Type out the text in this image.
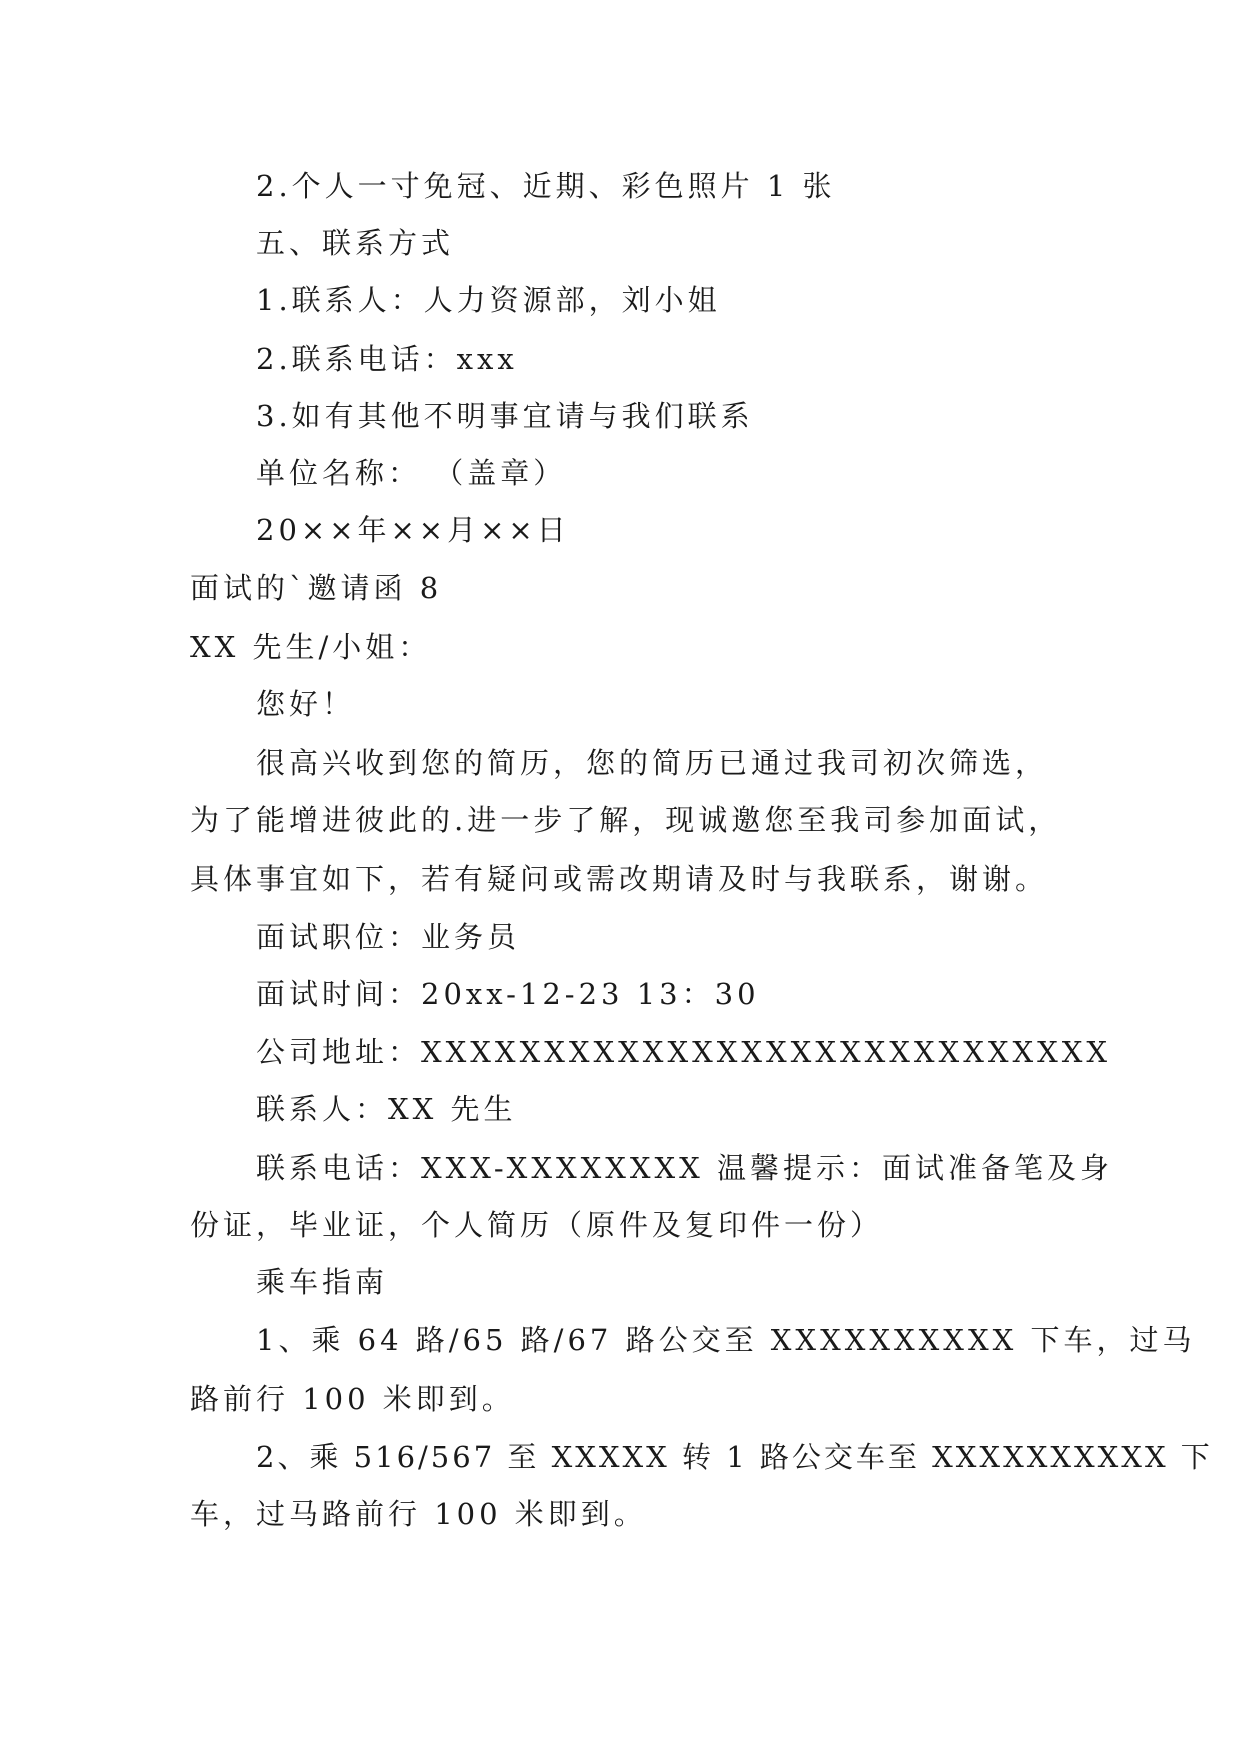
2.个人一寸免冠、近期、彩色照片 1 张
五、联系方式
1.联系人：人力资源部，刘小姐
2.联系电话：xxx
3.如有其他不明事宜请与我们联系
单位名称： （盖章）
20××年××月××日
面试的`邀请函 8
XX 先生/小姐：
您好！
很高兴收到您的简历，您的简历已通过我司初次筛选，
为了能增进彼此的.进一步了解，现诚邀您至我司参加面试，
具体事宜如下，若有疑问或需改期请及时与我联系，谢谢。
面试职位：业务员
面试时间：20xx-12-23 13：30
公司地址：XXXXXXXXXXXXXXXXXXXXXXXXXXXX
联系人：XX 先生
联系电话：XXX-XXXXXXXX 温馨提示：面试准备笔及身
份证，毕业证，个人简历（原件及复印件一份）
乘车指南
1、乘 64 路/65 路/67 路公交至 XXXXXXXXXX 下车，过马
路前行 100 米即到。
2、乘 516/567 至 XXXXX 转 1 路公交车至 XXXXXXXXXX 下
车，过马路前行 100 米即到。
